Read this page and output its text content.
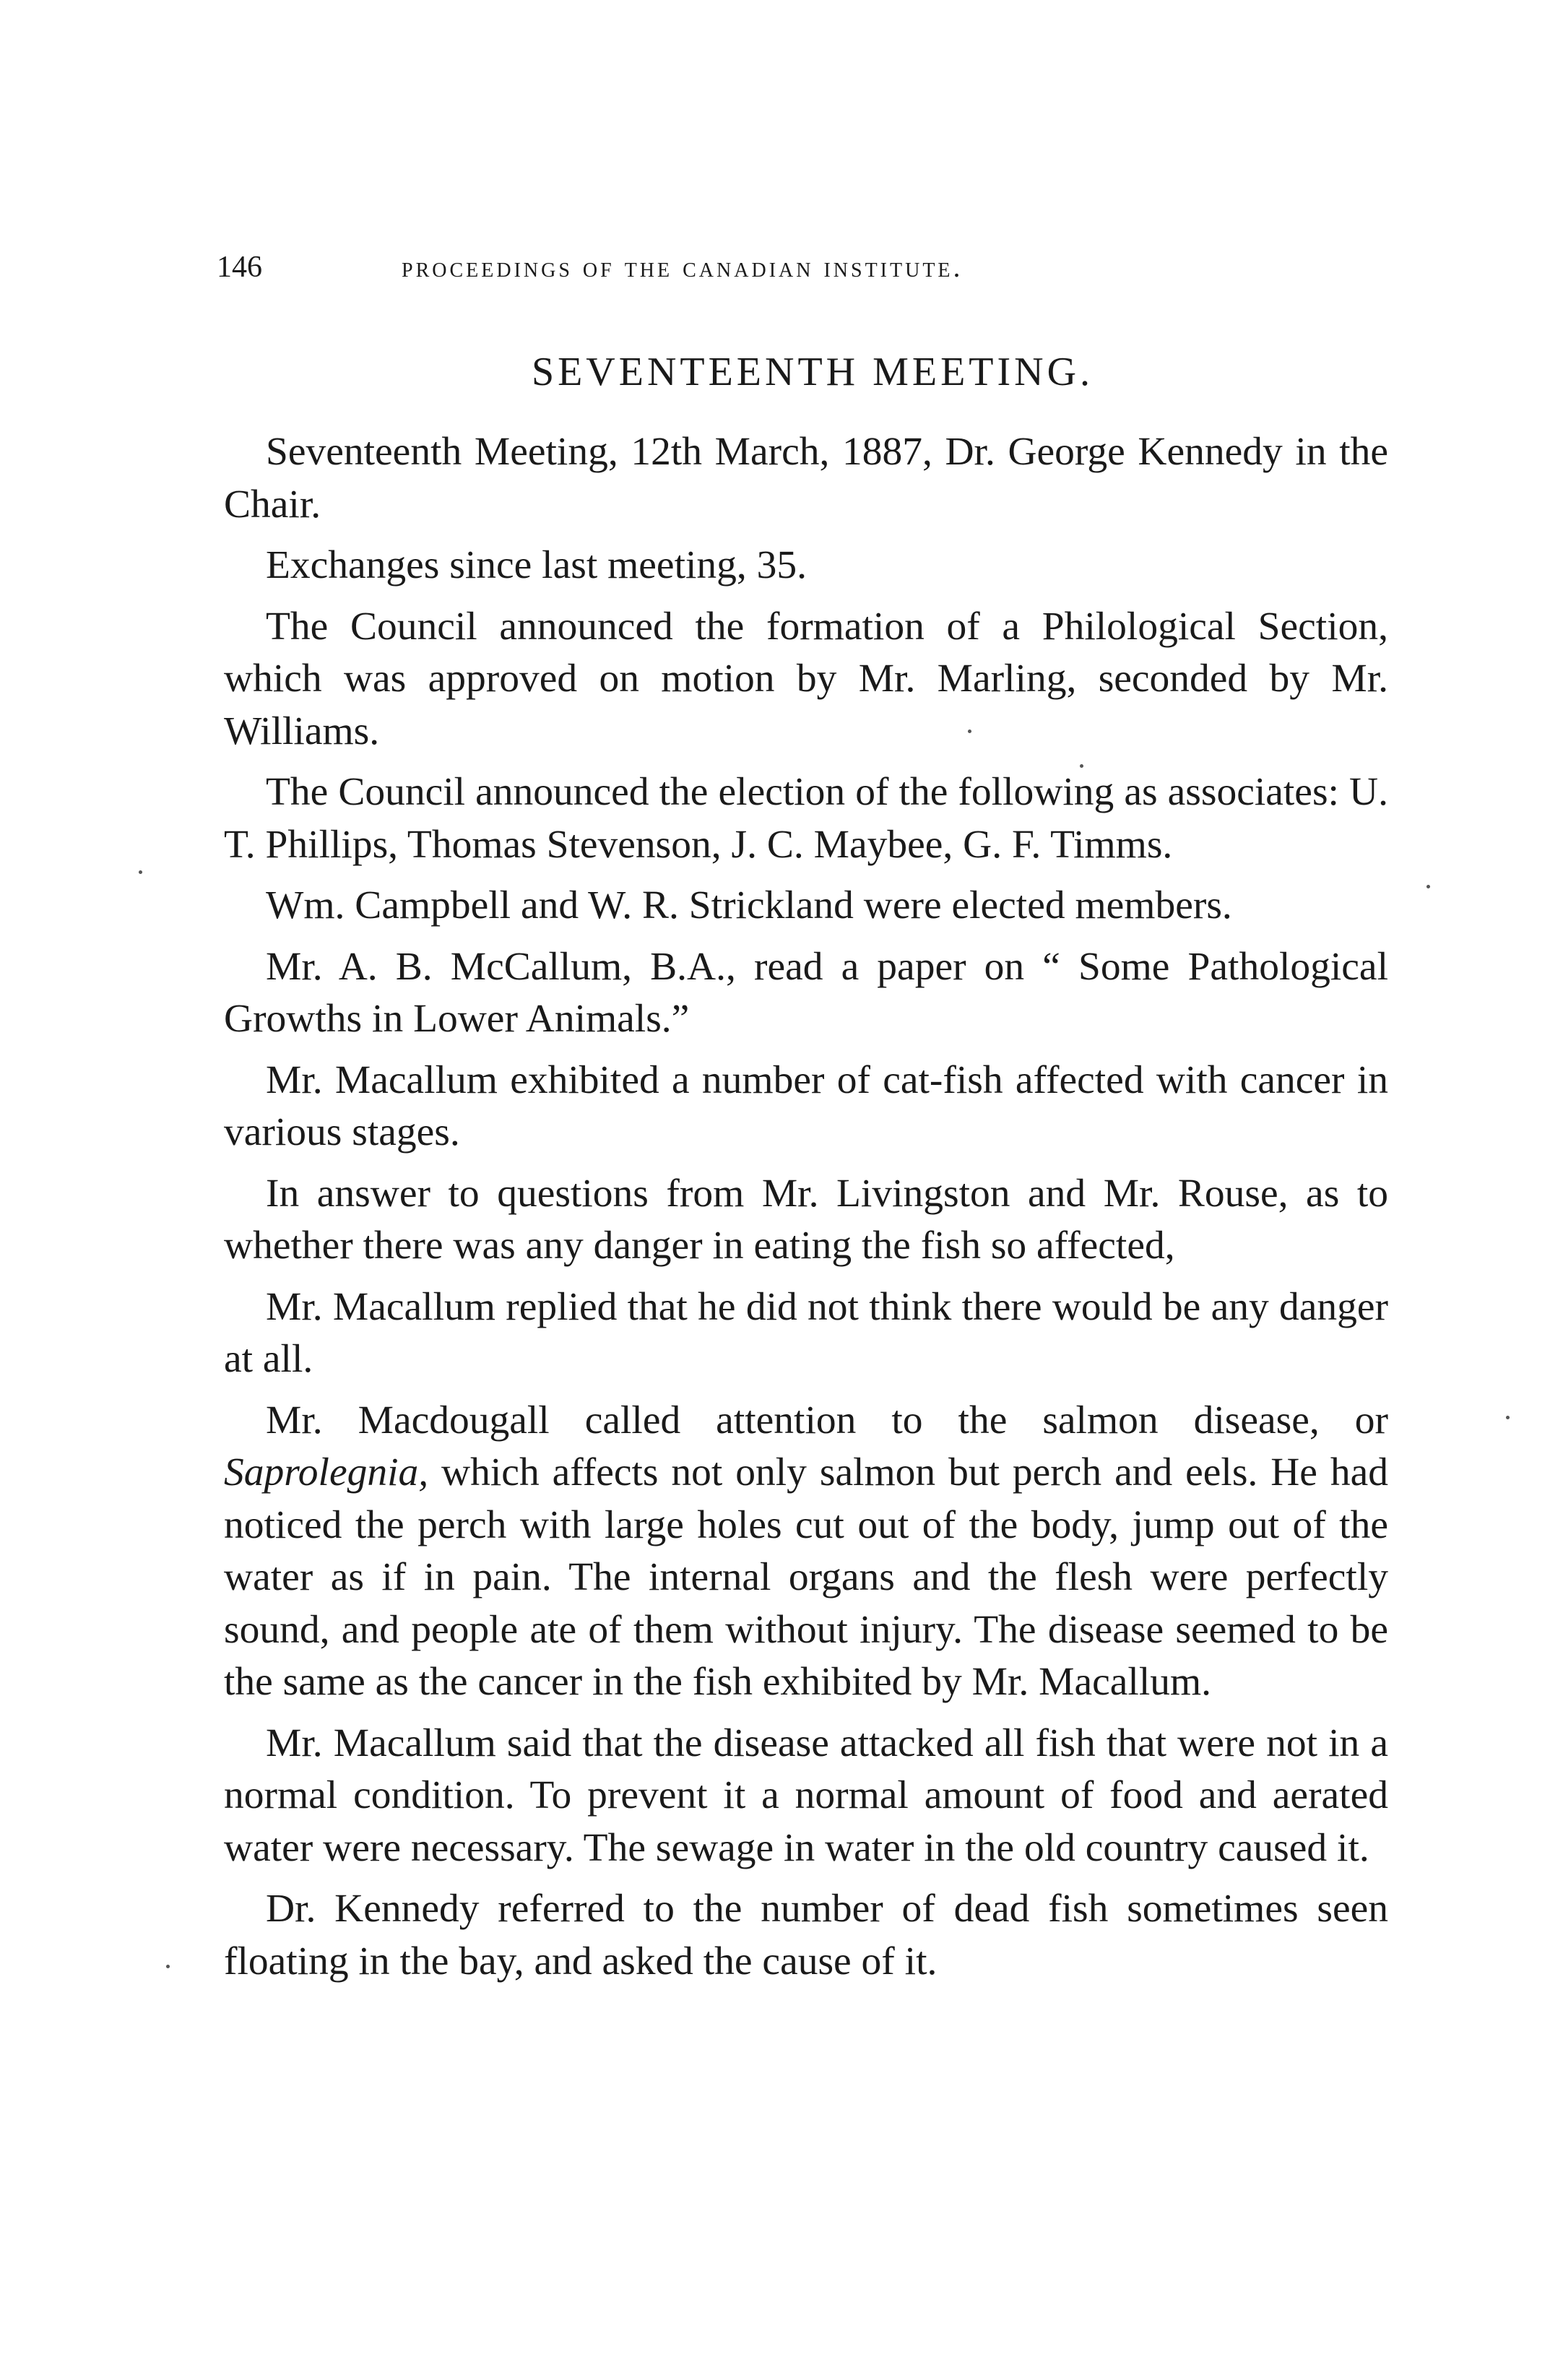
146	proceedings of the canadian institute.
SEVENTEENTH MEETING.

Seventeenth Meeting, 12th March, 1887, Dr. George Kennedy in the Chair.

Exchanges since last meeting, 35.

The Council announced the formation of a Philological Section, which was approved on motion by Mr. Marling, seconded by Mr. Williams.

The Council announced the election of the following as associates: U. T. Phillips, Thomas Stevenson, J. C. Maybee, G. F. Timms.

Wm. Campbell and W. R. Strickland were elected members.

Mr. A. B. McCallum, B.A., read a paper on “ Some Pathological Growths in Lower Animals.”

Mr. Macallum exhibited a number of cat-fish affected with cancer in various stages.

In answer to questions from Mr. Livingston and Mr. Rouse, as to whether there was any danger in eating the fish so affected,

Mr. Macallum replied that he did not think there would be any danger at all.

Mr. Macdougall called attention to the salmon disease, or Saprolegnia, which affects not only salmon but perch and eels. He had noticed the perch with large holes cut out of the body, jump out of the water as if in pain. The internal organs and the flesh were perfectly sound, and people ate of them without injury. The disease seemed to be the same as the cancer in the fish exhibited by Mr. Macallum.

Mr. Macallum said that the disease attacked all fish that were not in a normal condition. To prevent it a normal amount of food and aerated water were necessary. The sewage in water in the old country caused it.

Dr. Kennedy referred to the number of dead fish sometimes seen floating in the bay, and asked the cause of it.
